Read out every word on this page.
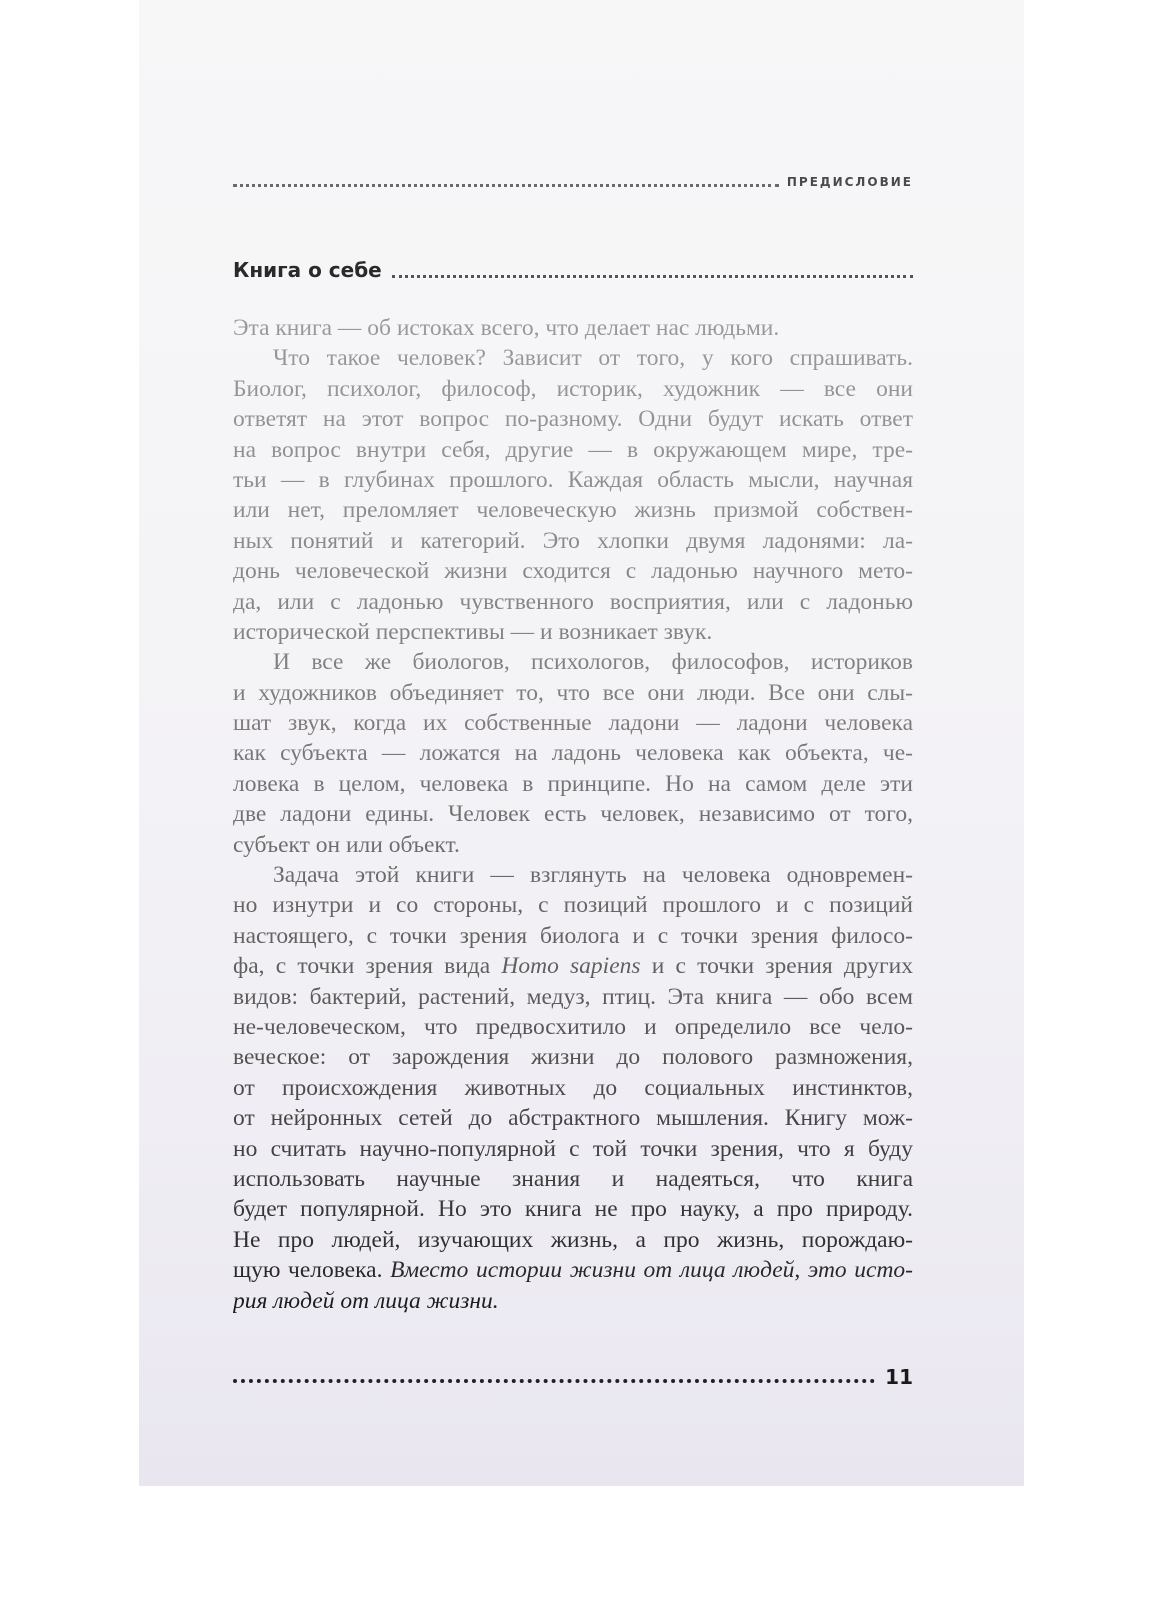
ПРЕДИСЛОВИЕ
Книга о себе
Эта книга — об истоках всего, что делает нас людьми.
Что такое человек? Зависит от того, у кого спрашивать.
Биолог, психолог, философ, историк, художник — все они
ответят на этот вопрос по-разному. Одни будут искать ответ
на вопрос внутри себя, другие — в окружающем мире, тре-
тьи — в глубинах прошлого. Каждая область мысли, научная
или нет, преломляет человеческую жизнь призмой собствен-
ных понятий и категорий. Это хлопки двумя ладонями: ла-
донь человеческой жизни сходится с ладонью научного мето-
да, или с ладонью чувственного восприятия, или с ладонью
исторической перспективы — и возникает звук.
И все же биологов, психологов, философов, историков
и художников объединяет то, что все они люди. Все они слы-
шат звук, когда их собственные ладони — ладони человека
как субъекта — ложатся на ладонь человека как объекта, че-
ловека в целом, человека в принципе. Но на самом деле эти
две ладони едины. Человек есть человек, независимо от того,
субъект он или объект.
Задача этой книги — взглянуть на человека одновремен-
но изнутри и со стороны, с позиций прошлого и с позиций
настоящего, с точки зрения биолога и с точки зрения филосо-
фа, с точки зрения вида Homo sapiens и с точки зрения других
видов: бактерий, растений, медуз, птиц. Эта книга — обо всем
не-человеческом, что предвосхитило и определило все чело-
веческое: от зарождения жизни до полового размножения,
от происхождения животных до социальных инстинктов,
от нейронных сетей до абстрактного мышления. Книгу мож-
но считать научно-популярной с той точки зрения, что я буду
использовать научные знания и надеяться, что книга
будет популярной. Но это книга не про науку, а про природу.
Не про людей, изучающих жизнь, а про жизнь, порождаю-
щую человека. Вместо истории жизни от лица людей, это исто-
рия людей от лица жизни.
11
